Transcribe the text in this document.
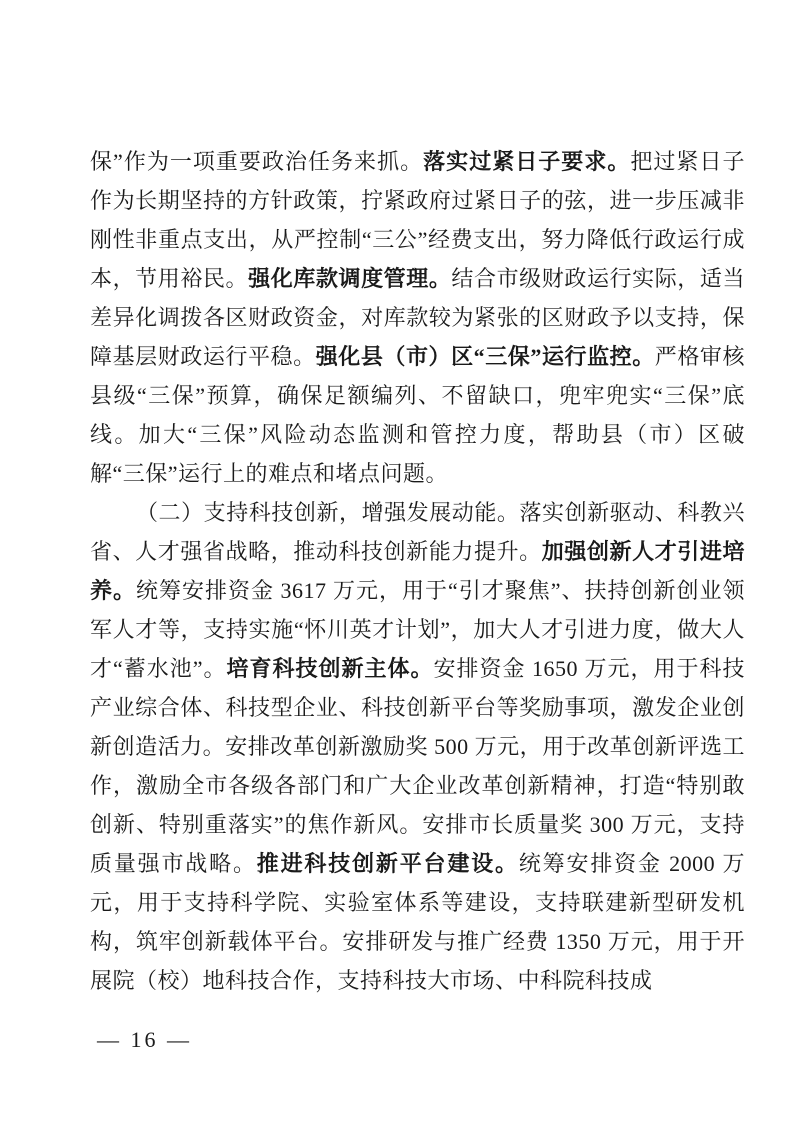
保”作为一项重要政治任务来抓。落实过紧日子要求。把过紧日子作为长期坚持的方针政策，拧紧政府过紧日子的弦，进一步压减非刚性非重点支出，从严控制“三公”经费支出，努力降低行政运行成本，节用裕民。强化库款调度管理。结合市级财政运行实际，适当差异化调拨各区财政资金，对库款较为紧张的区财政予以支持，保障基层财政运行平稳。强化县（市）区“三保”运行监控。严格审核县级“三保”预算，确保足额编列、不留缺口，兜牢兜实“三保”底线。加大“三保”风险动态监测和管控力度，帮助县（市）区破解“三保”运行上的难点和堵点问题。

（二）支持科技创新，增强发展动能。落实创新驱动、科教兴省、人才强省战略，推动科技创新能力提升。加强创新人才引进培养。统筹安排资金 3617 万元，用于“引才聚焦”、扶持创新创业领军人才等，支持实施“怀川英才计划”，加大人才引进力度，做大人才“蓄水池”。培育科技创新主体。安排资金 1650 万元，用于科技产业综合体、科技型企业、科技创新平台等奖励事项，激发企业创新创造活力。安排改革创新激励奖 500 万元，用于改革创新评选工作，激励全市各级各部门和广大企业改革创新精神，打造“特别敢创新、特别重落实”的焦作新风。安排市长质量奖 300 万元，支持质量强市战略。推进科技创新平台建设。统筹安排资金 2000 万元，用于支持科学院、实验室体系等建设，支持联建新型研发机构，筑牢创新载体平台。安排研发与推广经费 1350 万元，用于开展院（校）地科技合作，支持科技大市场、中科院科技成

— 16 —
